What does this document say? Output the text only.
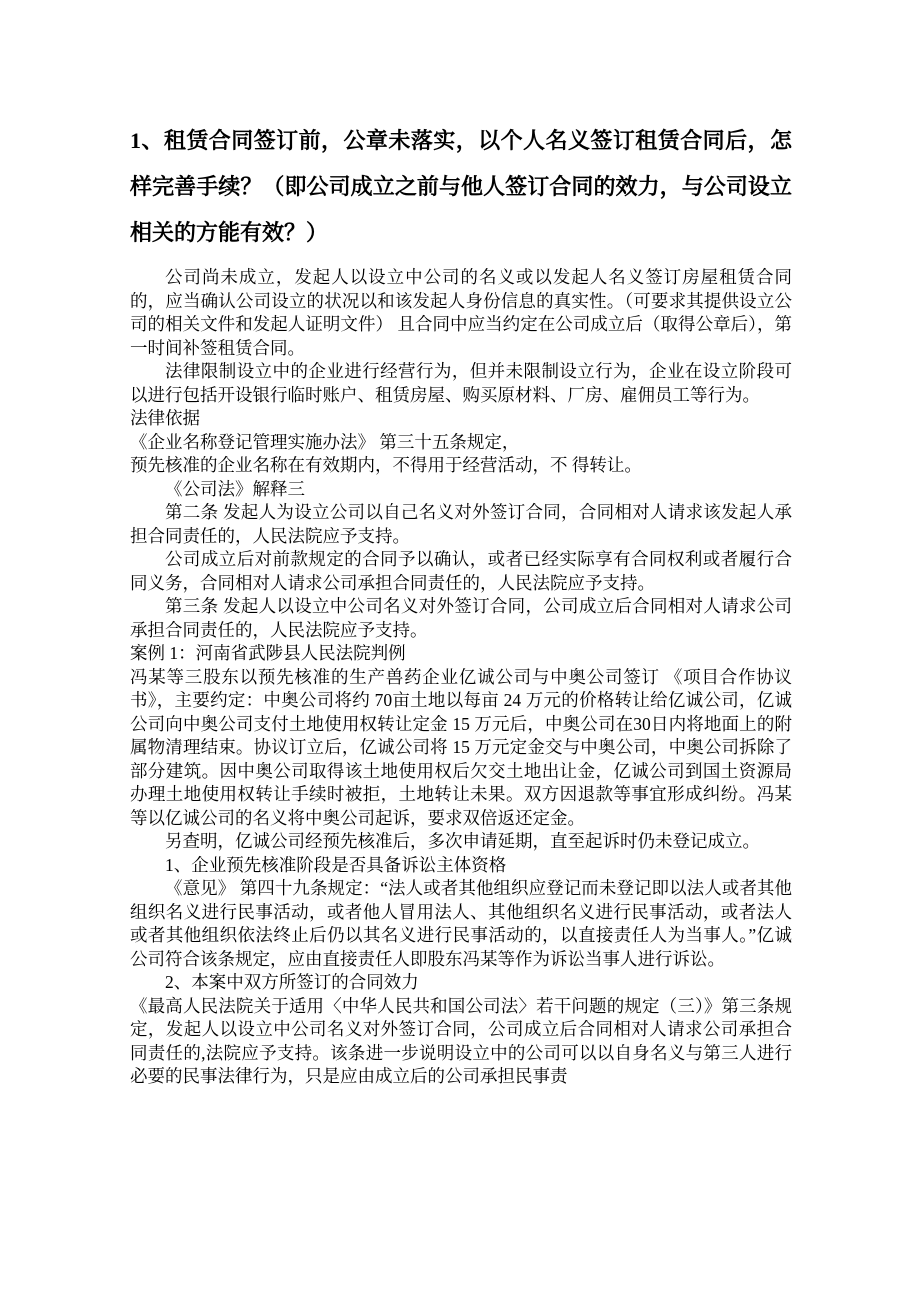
1、租赁合同签订前，公章未落实，以个人名义签订租赁合同后，怎样完善手续？（即公司成立之前与他人签订合同的效力，与公司设立相关的方能有效？）

公司尚未成立，发起人以设立中公司的名义或以发起人名义签订房屋租赁合同的，应当确认公司设立的状况以和该发起人身份信息的真实性。（可要求其提供设立公司的相关文件和发起人证明文件） 且合同中应当约定在公司成立后（取得公章后），第一时间补签租赁合同。

法律限制设立中的企业进行经营行为，但并未限制设立行为，企业在设立阶段可以进行包括开设银行临时账户、租赁房屋、购买原材料、厂房、雇佣员工等行为。

法律依据

《企业名称登记管理实施办法》 第三十五条规定，

预先核准的企业名称在有效期内，不得用于经营活动，不 得转让。

《公司法》解释三

第二条 发起人为设立公司以自己名义对外签订合同，合同相对人请求该发起人承担合同责任的，人民法院应予支持。

公司成立后对前款规定的合同予以确认，或者已经实际享有合同权利或者履行合同义务，合同相对人请求公司承担合同责任的，人民法院应予支持。

第三条 发起人以设立中公司名义对外签订合同，公司成立后合同相对人请求公司承担合同责任的，人民法院应予支持。

案例 1：河南省武陟县人民法院判例

冯某等三股东以预先核准的生产兽药企业亿诚公司与中奥公司签订 《项目合作协议书》，主要约定：中奥公司将约 70亩土地以每亩 24 万元的价格转让给亿诚公司，亿诚公司向中奥公司支付土地使用权转让定金 15 万元后，中奥公司在30日内将地面上的附属物清理结束。协议订立后，亿诚公司将 15 万元定金交与中奥公司，中奥公司拆除了部分建筑。因中奥公司取得该土地使用权后欠交土地出让金，亿诚公司到国土资源局办理土地使用权转让手续时被拒，土地转让未果。双方因退款等事宜形成纠纷。冯某等以亿诚公司的名义将中奥公司起诉，要求双倍返还定金。

另查明，亿诚公司经预先核准后，多次申请延期，直至起诉时仍未登记成立。

1、企业预先核准阶段是否具备诉讼主体资格

《意见》 第四十九条规定：“法人或者其他组织应登记而未登记即以法人或者其他组织名义进行民事活动，或者他人冒用法人、其他组织名义进行民事活动，或者法人或者其他组织依法终止后仍以其名义进行民事活动的，以直接责任人为当事人。”亿诚公司符合该条规定，应由直接责任人即股东冯某等作为诉讼当事人进行诉讼。

2、本案中双方所签订的合同效力

《最高人民法院关于适用〈中华人民共和国公司法〉若干问题的规定（三）》第三条规定，发起人以设立中公司名义对外签订合同，公司成立后合同相对人请求公司承担合同责任的,法院应予支持。该条进一步说明设立中的公司可以以自身名义与第三人进行必要的民事法律行为，只是应由成立后的公司承担民事责
